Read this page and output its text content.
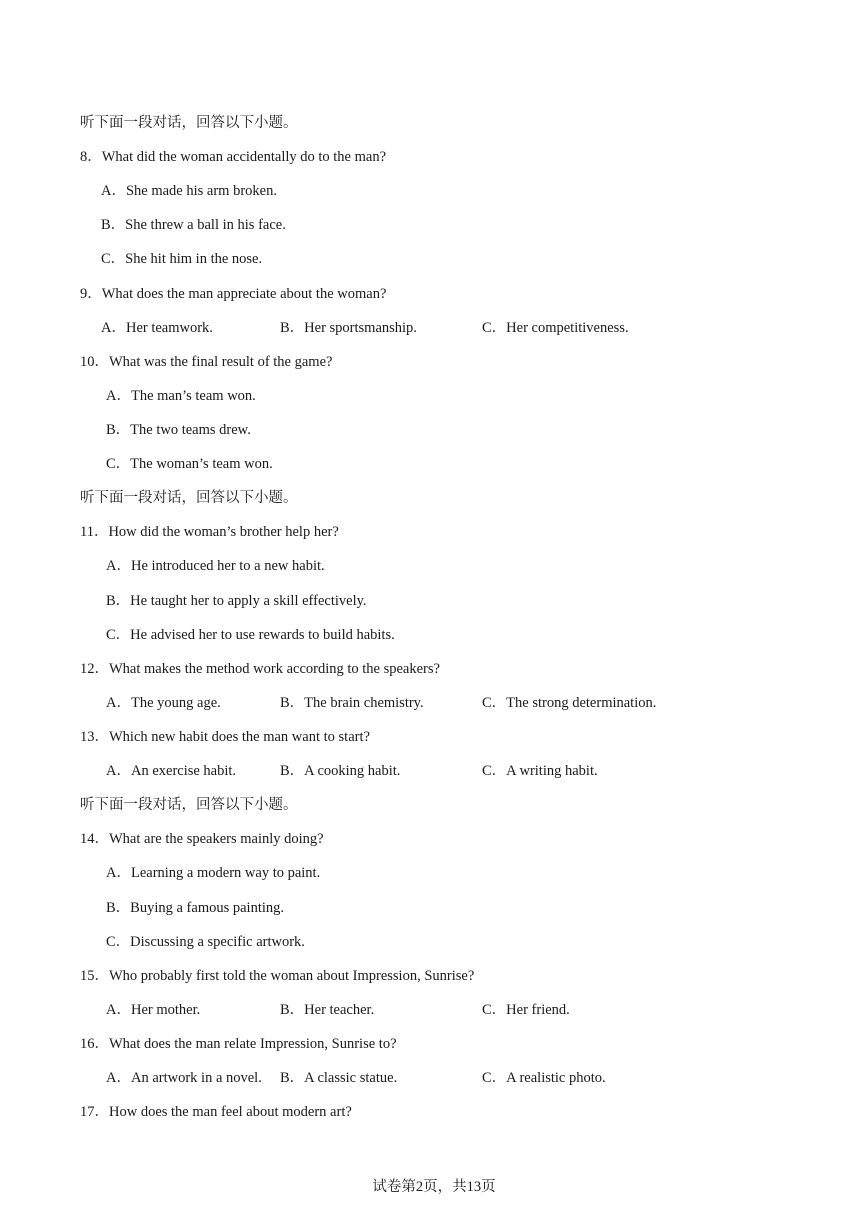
听下面一段对话，回答以下小题。
8．What did the woman accidentally do to the man?
A．She made his arm broken.
B．She threw a ball in his face.
C．She hit him in the nose.
9．What does the man appreciate about the woman?
A．Her teamwork.	B．Her sportsmanship.	C．Her competitiveness.
10．What was the final result of the game?
A．The man’s team won.
B．The two teams drew.
C．The woman’s team won.
听下面一段对话，回答以下小题。
11．How did the woman’s brother help her?
A．He introduced her to a new habit.
B．He taught her to apply a skill effectively.
C．He advised her to use rewards to build habits.
12．What makes the method work according to the speakers?
A．The young age.	B．The brain chemistry.	C．The strong determination.
13．Which new habit does the man want to start?
A．An exercise habit.	B．A cooking habit.	C．A writing habit.
听下面一段对话，回答以下小题。
14．What are the speakers mainly doing?
A．Learning a modern way to paint.
B．Buying a famous painting.
C．Discussing a specific artwork.
15．Who probably first told the woman about Impression, Sunrise?
A．Her mother.	B．Her teacher.	C．Her friend.
16．What does the man relate Impression, Sunrise to?
A．An artwork in a novel. B．A classic statue.	C．A realistic photo.
17．How does the man feel about modern art?
试卷第2页，共13页
